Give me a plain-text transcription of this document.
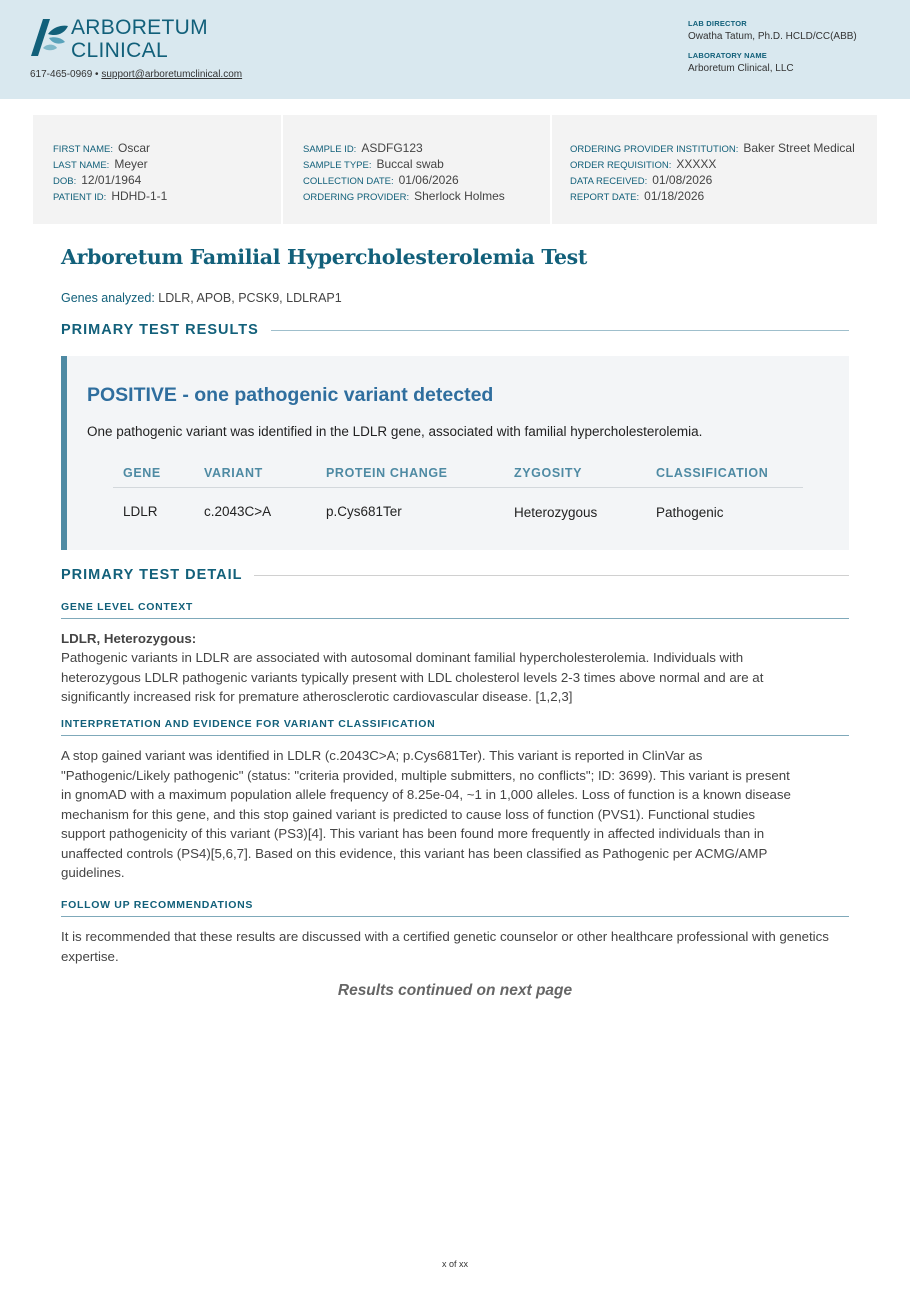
ARBORETUM
CLINICAL
617-465-0969 • support@arboretumclinical.com
LAB DIRECTOR
Owatha Tatum, Ph.D. HCLD/CC(ABB)
LABORATORY NAME
Arboretum Clinical, LLC
FIRST NAME: Oscar
LAST NAME: Meyer
DOB: 12/01/1964
PATIENT ID: HDHD-1-1
SAMPLE ID: ASDFG123
SAMPLE TYPE: Buccal swab
COLLECTION DATE: 01/06/2026
ORDERING PROVIDER: Sherlock Holmes
ORDERING PROVIDER INSTITUTION: Baker Street Medical
ORDER REQUISITION: XXXXX
DATA RECEIVED: 01/08/2026
REPORT DATE: 01/18/2026
Arboretum Familial Hypercholesterolemia Test
Genes analyzed: LDLR, APOB, PCSK9, LDLRAP1
PRIMARY TEST RESULTS
POSITIVE - one pathogenic variant detected
One pathogenic variant was identified in the LDLR gene, associated with familial hypercholesterolemia.
GENE	VARIANT	PROTEIN CHANGE	ZYGOSITY	CLASSIFICATION
LDLR	c.2043C>A	p.Cys681Ter	Heterozygous	Pathogenic
PRIMARY TEST DETAIL
GENE LEVEL CONTEXT
LDLR, Heterozygous:
Pathogenic variants in LDLR are associated with autosomal dominant familial hypercholesterolemia. Individuals with heterozygous LDLR pathogenic variants typically present with LDL cholesterol levels 2-3 times above normal and are at significantly increased risk for premature atherosclerotic cardiovascular disease. [1,2,3]
INTERPRETATION AND EVIDENCE FOR VARIANT CLASSIFICATION
A stop gained variant was identified in LDLR (c.2043C>A; p.Cys681Ter). This variant is reported in ClinVar as "Pathogenic/Likely pathogenic" (status: "criteria provided, multiple submitters, no conflicts"; ID: 3699). This variant is present in gnomAD with a maximum population allele frequency of 8.25e-04, ~1 in 1,000 alleles. Loss of function is a known disease mechanism for this gene, and this stop gained variant is predicted to cause loss of function (PVS1). Functional studies support pathogenicity of this variant (PS3)[4]. This variant has been found more frequently in affected individuals than in unaffected controls (PS4)[5,6,7]. Based on this evidence, this variant has been classified as Pathogenic per ACMG/AMP guidelines.
FOLLOW UP RECOMMENDATIONS
It is recommended that these results are discussed with a certified genetic counselor or other healthcare professional with genetics expertise.
Results continued on next page
x of xx
